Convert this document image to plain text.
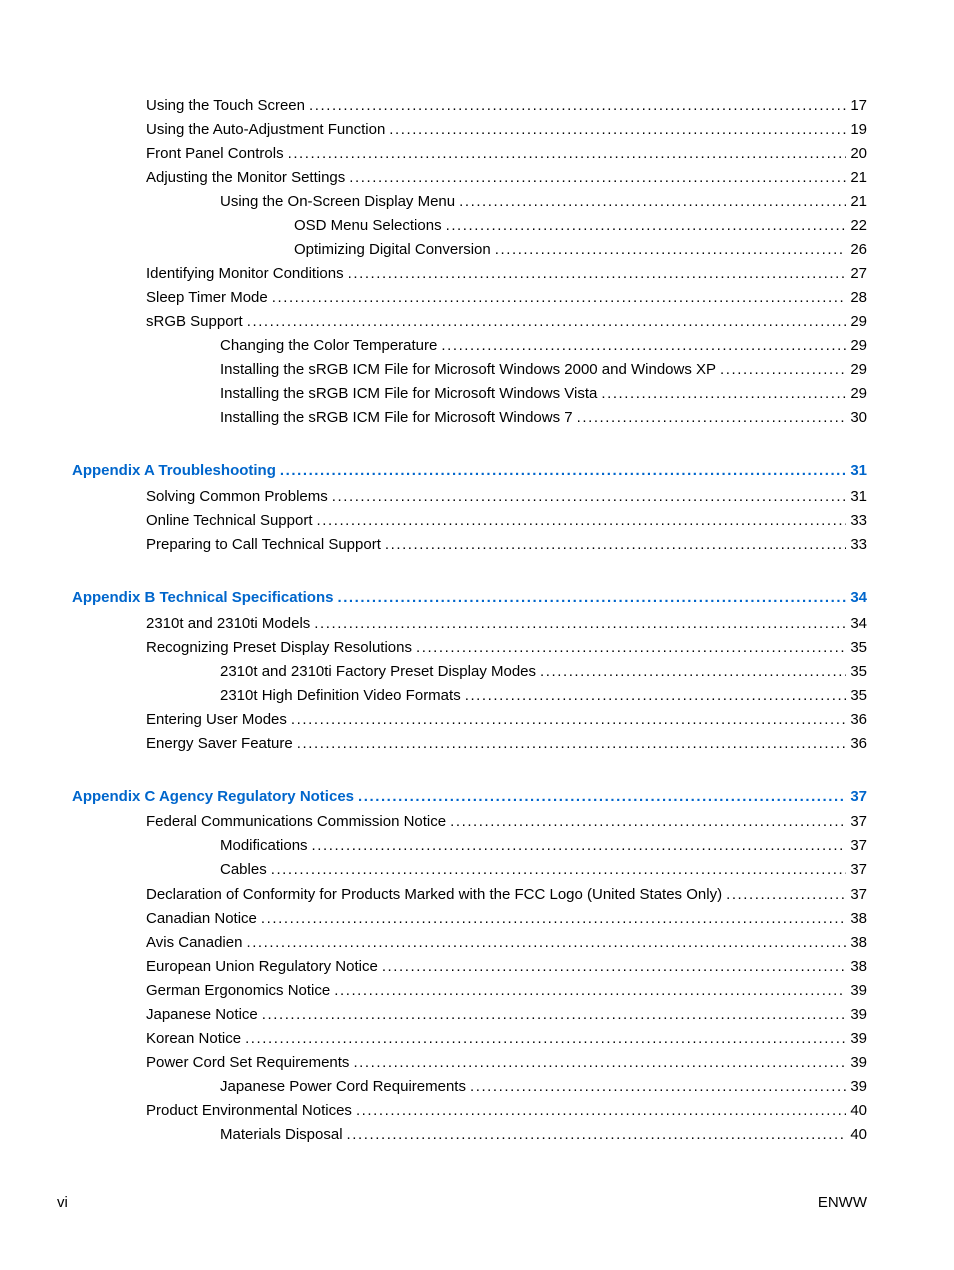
Using the Touch Screen . . .	17
Using the Auto-Adjustment Function . . .	19
Front Panel Controls . . .	20
Adjusting the Monitor Settings . . .	21
Using the On-Screen Display Menu . . .	21
OSD Menu Selections . . .	22
Optimizing Digital Conversion . . .	26
Identifying Monitor Conditions . . .	27
Sleep Timer Mode . . .	28
sRGB Support . . .	29
Changing the Color Temperature . . .	29
Installing the sRGB ICM File for Microsoft Windows 2000 and Windows XP . . .	29
Installing the sRGB ICM File for Microsoft Windows Vista . . .	29
Installing the sRGB ICM File for Microsoft Windows 7 . . .	30
Appendix A Troubleshooting . . .	31
Solving Common Problems . . .	31
Online Technical Support . . .	33
Preparing to Call Technical Support . . .	33
Appendix B Technical Specifications . . .	34
2310t and 2310ti Models . . .	34
Recognizing Preset Display Resolutions . . .	35
2310t and 2310ti Factory Preset Display Modes . . .	35
2310t High Definition Video Formats . . .	35
Entering User Modes . . .	36
Energy Saver Feature . . .	36
Appendix C Agency Regulatory Notices . . .	37
Federal Communications Commission Notice . . .	37
Modifications . . .	37
Cables . . .	37
Declaration of Conformity for Products Marked with the FCC Logo (United States Only) . . .	37
Canadian Notice . . .	38
Avis Canadien . . .	38
European Union Regulatory Notice . . .	38
German Ergonomics Notice . . .	39
Japanese Notice . . .	39
Korean Notice . . .	39
Power Cord Set Requirements . . .	39
Japanese Power Cord Requirements . . .	39
Product Environmental Notices . . .	40
Materials Disposal . . .	40
vi	ENWW
